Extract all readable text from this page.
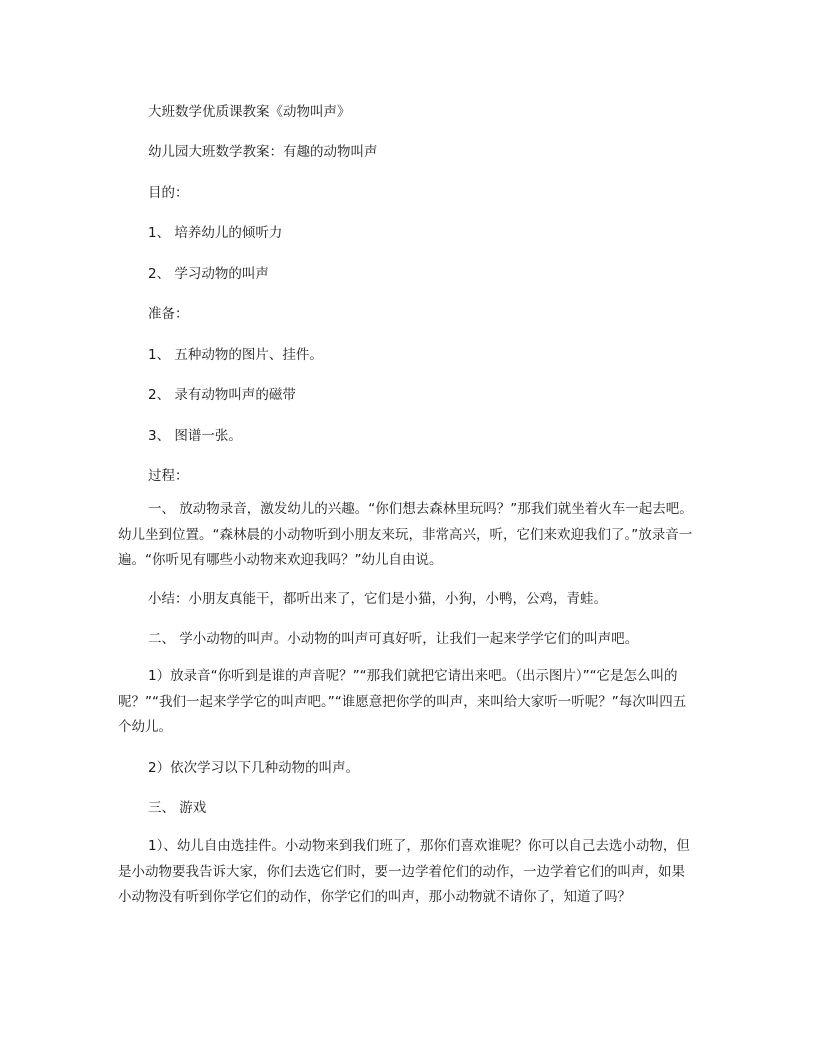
大班数学优质课教案《动物叫声》
幼儿园大班数学教案：有趣的动物叫声
目的：
1、 培养幼儿的倾听力
2、 学习动物的叫声
准备：
1、 五种动物的图片、挂件。
2、 录有动物叫声的磁带
3、 图谱一张。
过程：
一、 放动物录音，激发幼儿的兴趣。“你们想去森林里玩吗？”那我们就坐着火车一起去吧。幼儿坐到位置。“森林晨的小动物听到小朋友来玩，非常高兴，听，它们来欢迎我们了。”放录音一遍。“你听见有哪些小动物来欢迎我吗？”幼儿自由说。
小结：小朋友真能干，都听出来了，它们是小猫，小狗，小鸭，公鸡，青蛙。
二、 学小动物的叫声。小动物的叫声可真好听，让我们一起来学学它们的叫声吧。
1）放录音“你听到是谁的声音呢？”“那我们就把它请出来吧。（出示图片）”“它是怎么叫的呢？”“我们一起来学学它的叫声吧。”“谁愿意把你学的叫声，来叫给大家听一听呢？”每次叫四五个幼儿。
2）依次学习以下几种动物的叫声。
三、 游戏
1）、幼儿自由选挂件。小动物来到我们班了，那你们喜欢谁呢？你可以自己去选小动物，但是小动物要我告诉大家，你们去选它们时，要一边学着佗们的动作，一边学着它们的叫声，如果小动物没有听到你学它们的动作，你学它们的叫声，那小动物就不请你了，知道了吗？
